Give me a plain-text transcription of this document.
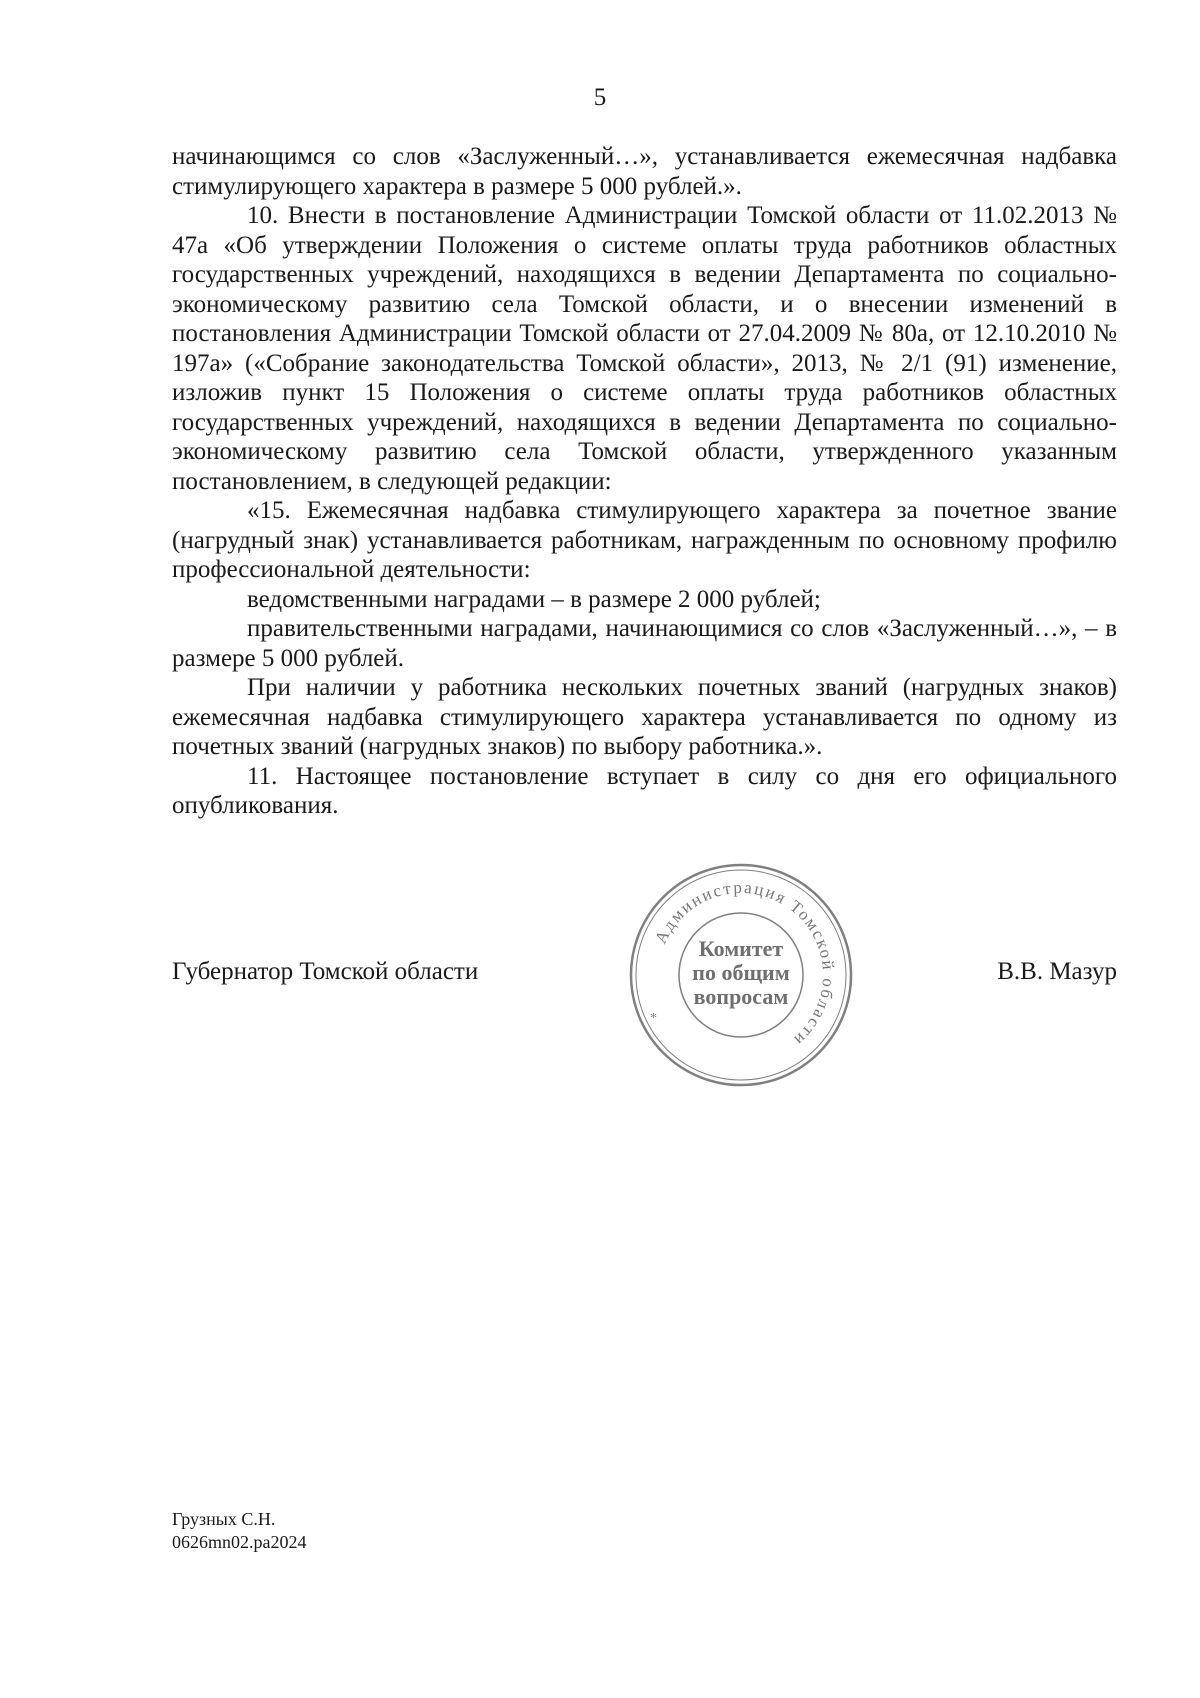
5

начинающимся со слов «Заслуженный…», устанавливается ежемесячная надбавка стимулирующего характера в размере 5 000 рублей.».

10. Внести в постановление Администрации Томской области от 11.02.2013 № 47а «Об утверждении Положения о системе оплаты труда работников областных государственных учреждений, находящихся в ведении Департамента по социально-экономическому развитию села Томской области, и о внесении изменений в постановления Администрации Томской области от 27.04.2009 № 80а, от 12.10.2010 № 197а» («Собрание законодательства Томской области», 2013, № 2/1 (91) изменение, изложив пункт 15 Положения о системе оплаты труда работников областных государственных учреждений, находящихся в ведении Департамента по социально-экономическому развитию села Томской области, утвержденного указанным постановлением, в следующей редакции:

«15. Ежемесячная надбавка стимулирующего характера за почетное звание (нагрудный знак) устанавливается работникам, награжденным по основному профилю профессиональной деятельности:

ведомственными наградами – в размере 2 000 рублей;

правительственными наградами, начинающимися со слов «Заслуженный…», – в размере 5 000 рублей.

При наличии у работника нескольких почетных званий (нагрудных знаков) ежемесячная надбавка стимулирующего характера устанавливается по одному из почетных званий (нагрудных знаков) по выбору работника.».

11. Настоящее постановление вступает в силу со дня его официального опубликования.

Губернатор Томской области	В.В. Мазур
Администрация Томской области
*
Комитет
по общим
вопросам
Грузных С.Н.
0626mn02.pa2024
